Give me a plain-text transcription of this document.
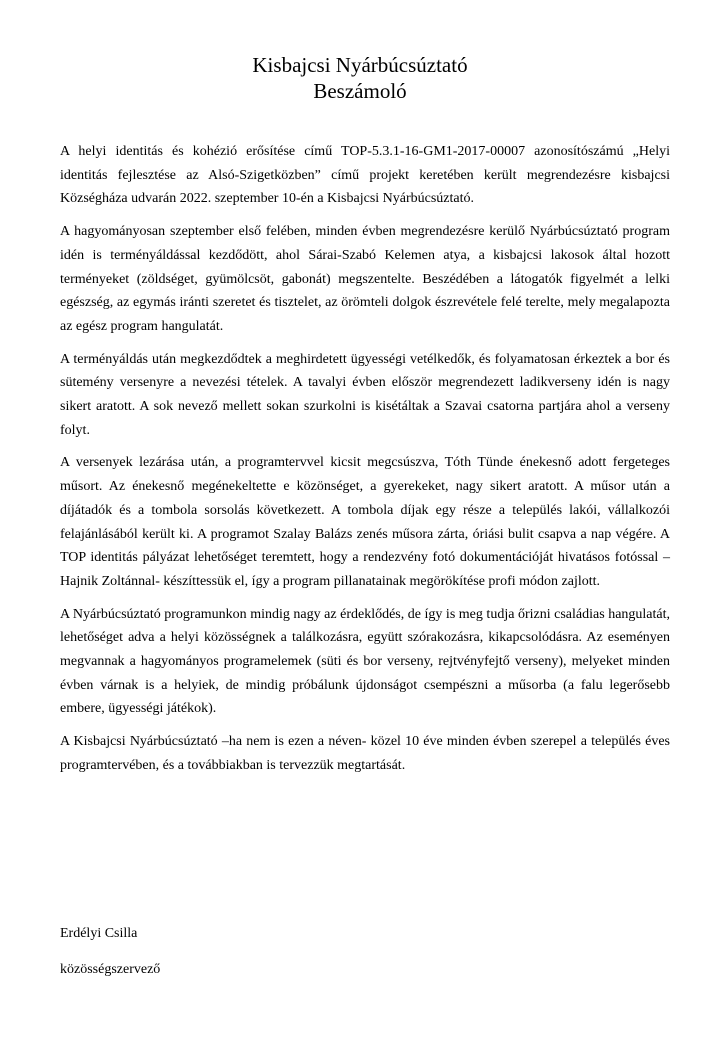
Kisbajcsi Nyárbúcsúztató

Beszámoló

A helyi identitás és kohézió erősítése című TOP-5.3.1-16-GM1-2017-00007 azonosítószámú „Helyi identitás fejlesztése az Alsó-Szigetközben” című projekt keretében került megrendezésre kisbajcsi Községháza udvarán 2022. szeptember 10-én a Kisbajcsi Nyárbúcsúztató.

A hagyományosan szeptember első felében, minden évben megrendezésre kerülő Nyárbúcsúztató program idén is terményáldással kezdődött, ahol Sárai-Szabó Kelemen atya, a kisbajcsi lakosok által hozott terményeket (zöldséget, gyümölcsöt, gabonát) megszentelte. Beszédében a látogatók figyelmét a lelki egészség, az egymás iránti szeretet és tisztelet, az örömteli dolgok észrevétele felé terelte, mely megalapozta az egész program hangulatát.

A terményáldás után megkezdődtek a meghirdetett ügyességi vetélkedők, és folyamatosan érkeztek a bor és sütemény versenyre a nevezési tételek. A tavalyi évben először megrendezett ladikverseny idén is nagy sikert aratott. A sok nevező mellett sokan szurkolni is kisétáltak a Szavai csatorna partjára ahol a verseny folyt.

A versenyek lezárása után, a programtervvel kicsit megcsúszva, Tóth Tünde énekesnő adott fergeteges műsort. Az énekesnő megénekeltette e közönséget, a gyerekeket, nagy sikert aratott. A műsor után a díjátadók és a tombola sorsolás következett. A tombola díjak egy része a település lakói, vállalkozói felajánlásából került ki. A programot Szalay Balázs zenés műsora zárta, óriási bulit csapva a nap végére. A TOP identitás pályázat lehetőséget teremtett, hogy a rendezvény fotó dokumentációját hivatásos fotóssal –Hajnik Zoltánnal- készíttessük el, így a program pillanatainak megörökítése profi módon zajlott.

A Nyárbúcsúztató programunkon mindig nagy az érdeklődés, de így is meg tudja őrizni családias hangulatát, lehetőséget adva a helyi közösségnek a találkozásra, együtt szórakozásra, kikapcsolódásra. Az eseményen megvannak a hagyományos programelemek (süti és bor verseny, rejtvényfejtő verseny), melyeket minden évben várnak is a helyiek, de mindig próbálunk újdonságot csempészni a műsorba (a falu legerősebb embere, ügyességi játékok).

A Kisbajcsi Nyárbúcsúztató –ha nem is ezen a néven- közel 10 éve minden évben szerepel a település éves programtervében, és a továbbiakban is tervezzük megtartását.

Erdélyi Csilla

közösségszervező
